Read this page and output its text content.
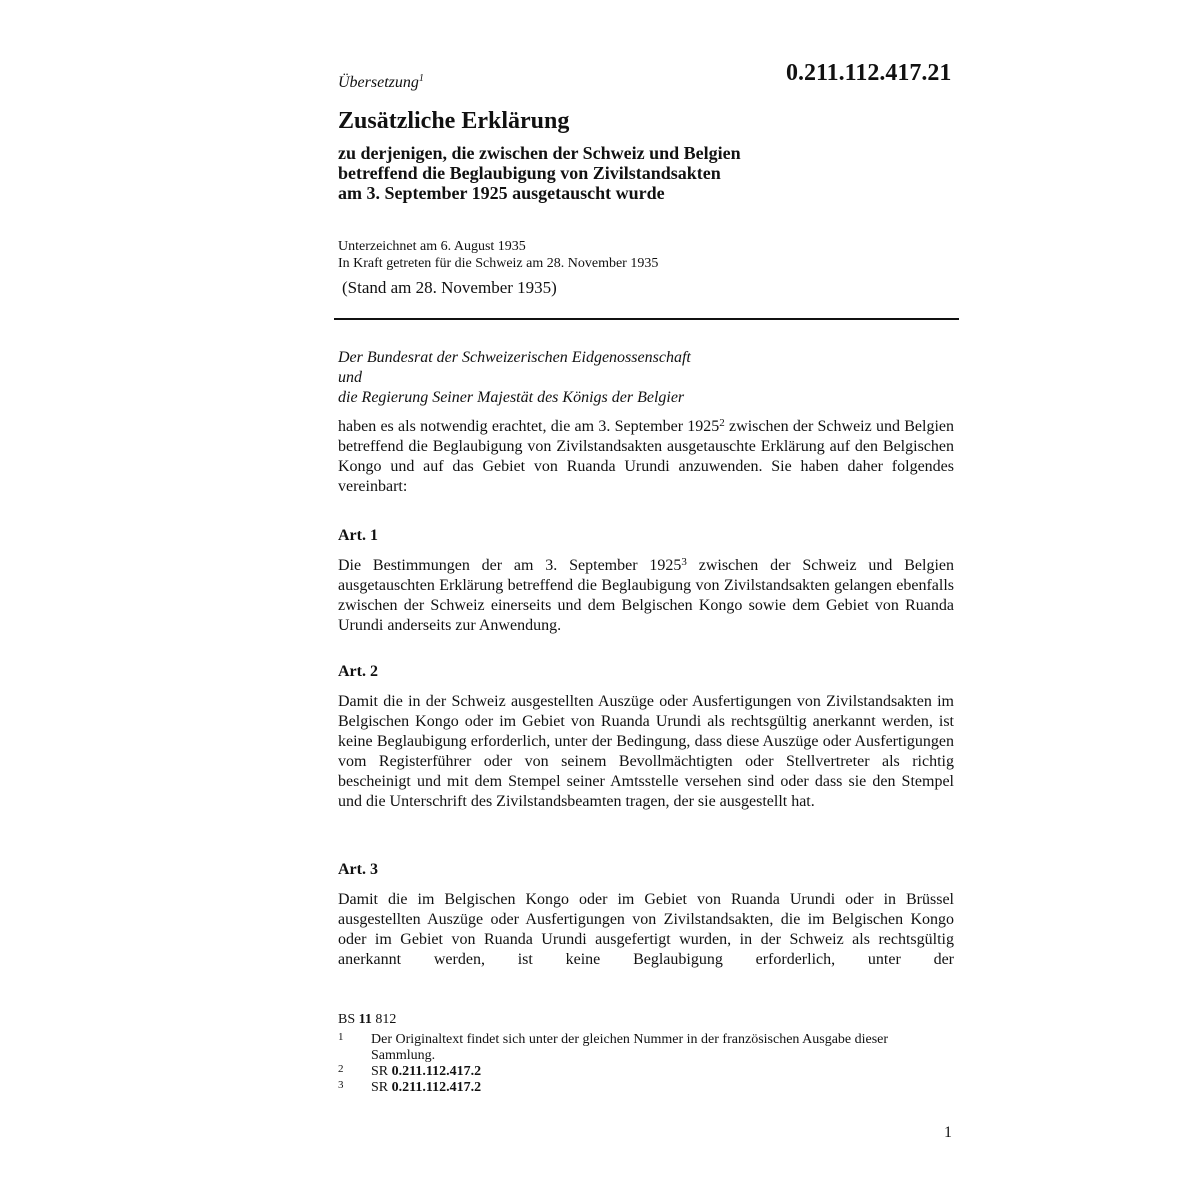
Übersetzung$^1$	0.211.112.417.21
Zusätzliche Erklärung
zu derjenigen, die zwischen der Schweiz und Belgien
betreffend die Beglaubigung von Zivilstandsakten
am 3. September 1925 ausgetauscht wurde
Unterzeichnet am 6. August 1935
In Kraft getreten für die Schweiz am 28. November 1935
(Stand am 28. November 1935)
Der Bundesrat der Schweizerischen Eidgenossenschaft
und
die Regierung Seiner Majestät des Königs der Belgier
haben es als notwendig erachtet, die am 3. September 1925$^2$ zwischen der Schweiz und Belgien betreffend die Beglaubigung von Zivilstandsakten ausgetauschte Erklärung auf den Belgischen Kongo und auf das Gebiet von Ruanda Urundi anzuwenden. Sie haben daher folgendes vereinbart:
Art. 1
Die Bestimmungen der am 3. September 1925$^3$ zwischen der Schweiz und Belgien ausgetauschten Erklärung betreffend die Beglaubigung von Zivilstandsakten gelangen ebenfalls zwischen der Schweiz einerseits und dem Belgischen Kongo sowie dem Gebiet von Ruanda Urundi anderseits zur Anwendung.
Art. 2
Damit die in der Schweiz ausgestellten Auszüge oder Ausfertigungen von Zivilstandsakten im Belgischen Kongo oder im Gebiet von Ruanda Urundi als rechtsgültig anerkannt werden, ist keine Beglaubigung erforderlich, unter der Bedingung, dass diese Auszüge oder Ausfertigungen vom Registerführer oder von seinem Bevollmächtigten oder Stellvertreter als richtig bescheinigt und mit dem Stempel seiner Amtsstelle versehen sind oder dass sie den Stempel und die Unterschrift des Zivilstandsbeamten tragen, der sie ausgestellt hat.
Art. 3
Damit die im Belgischen Kongo oder im Gebiet von Ruanda Urundi oder in Brüssel ausgestellten Auszüge oder Ausfertigungen von Zivilstandsakten, die im Belgischen Kongo oder im Gebiet von Ruanda Urundi ausgefertigt wurden, in der Schweiz als rechtsgültig anerkannt werden, ist keine Beglaubigung erforderlich, unter der
BS 11 812
1	Der Originaltext findet sich unter der gleichen Nummer in der französischen Ausgabe dieser Sammlung.
2	SR 0.211.112.417.2
3	SR 0.211.112.417.2
1
